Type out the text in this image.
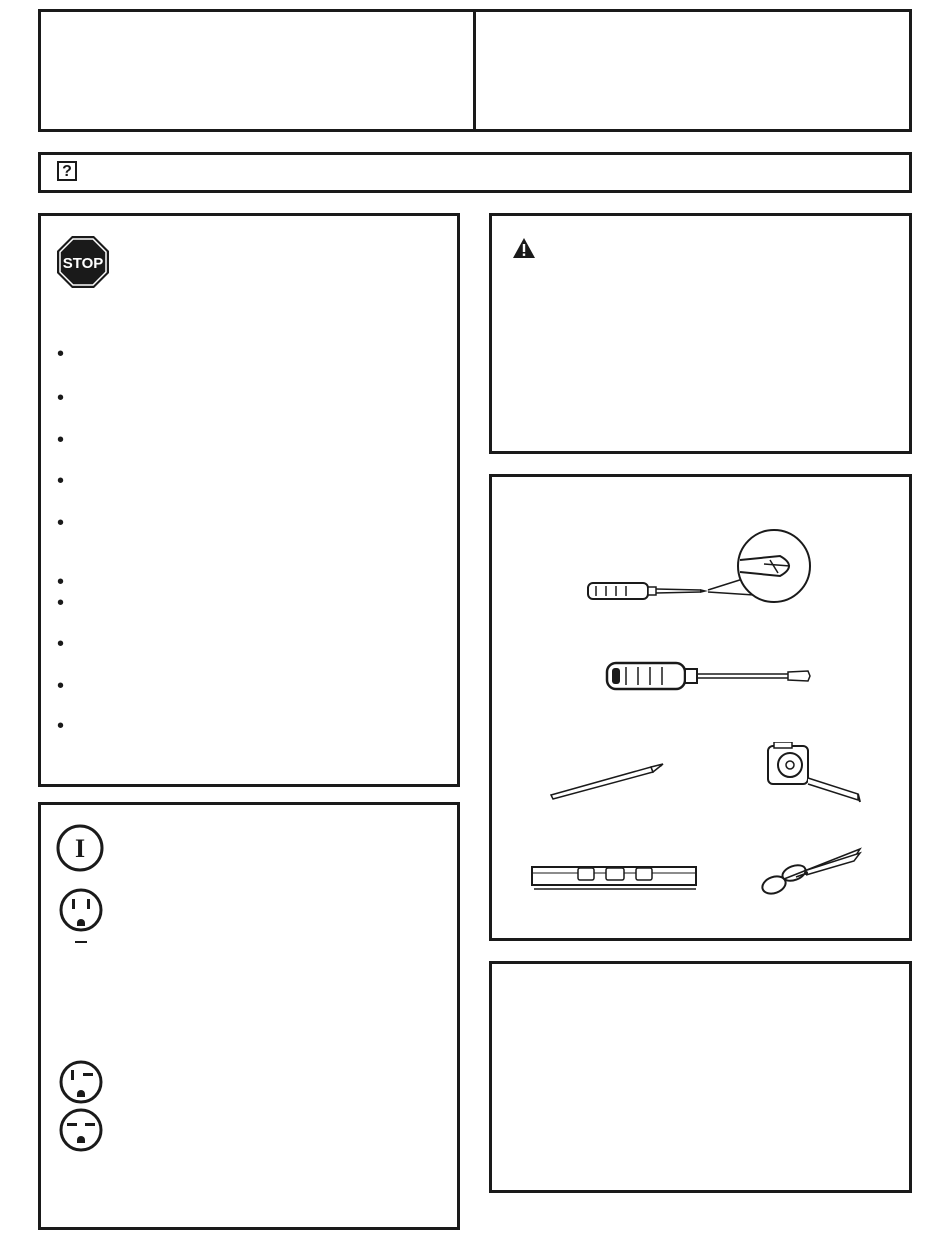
?
STOP
•
•
•
•
•
•
•
•
•
•
I
